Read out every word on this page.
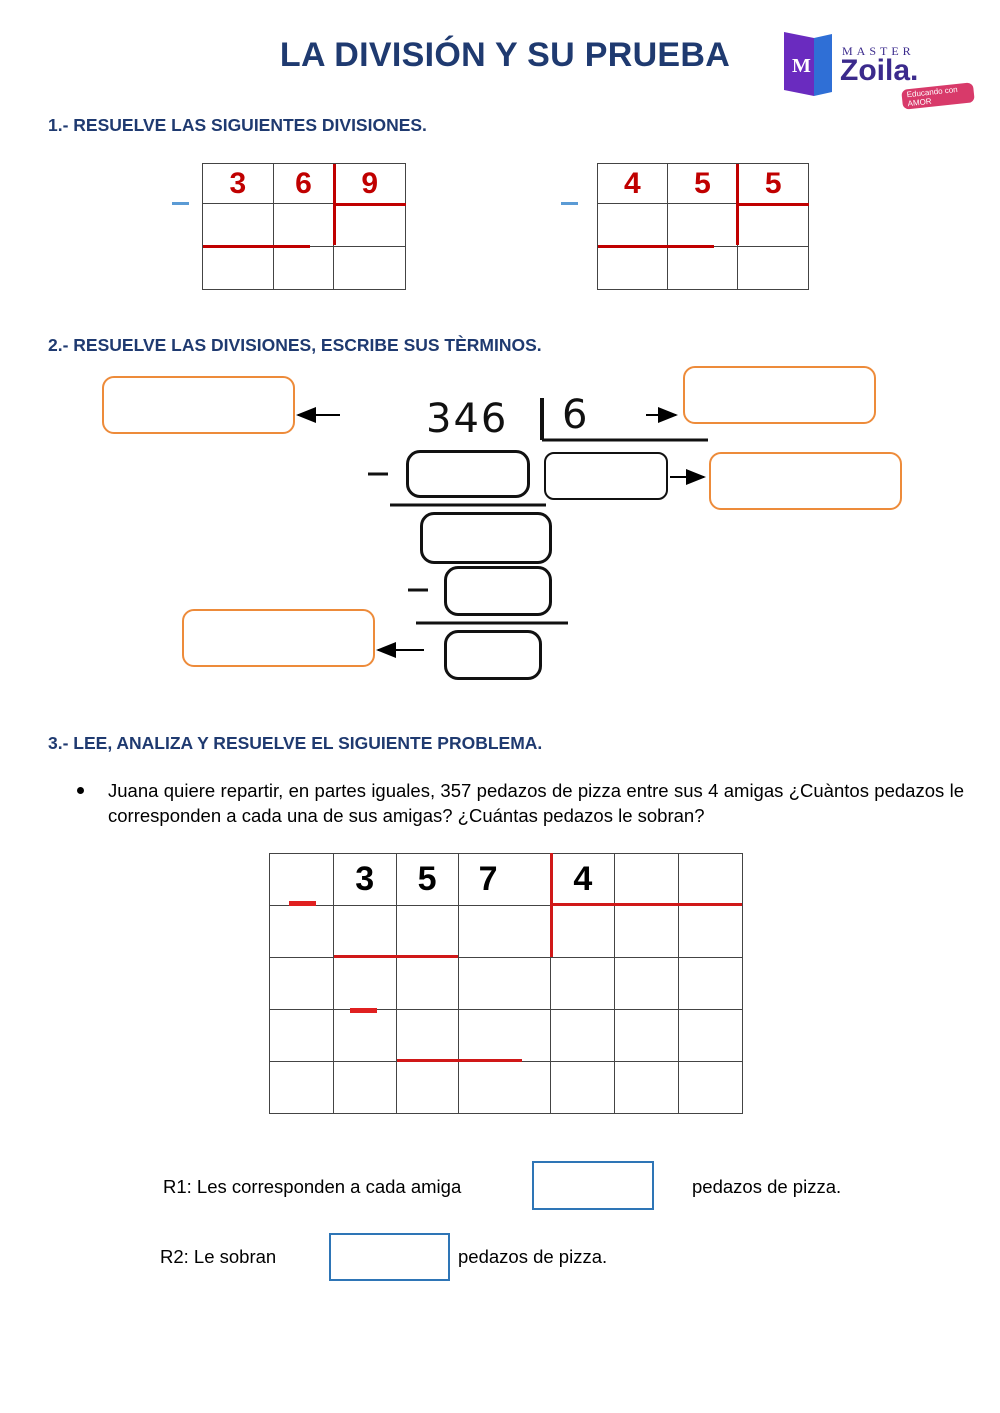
LA DIVISIÓN Y SU PRUEBA	M
MASTER
Zoila.
Educando con AMOR
1.- RESUELVE LAS SIGUIENTES DIVISIONES.
3	6	9

			4	5	5

2.- RESUELVE LAS DIVISIONES, ESCRIBE SUS TÈRMINOS.
346 6
3.- LEE, ANALIZA Y RESUELVE EL SIGUIENTE PROBLEMA.
Juana quiere repartir, en partes iguales, 357 pedazos de pizza entre sus 4 amigas ¿Cuàntos pedazos le corresponden a cada una de sus amigas? ¿Cuántas pedazos le sobran?
	3	5	7	4		

R1: Les corresponden a cada amiga	pedazos de pizza.
R2: Le sobran	pedazos de pizza.
